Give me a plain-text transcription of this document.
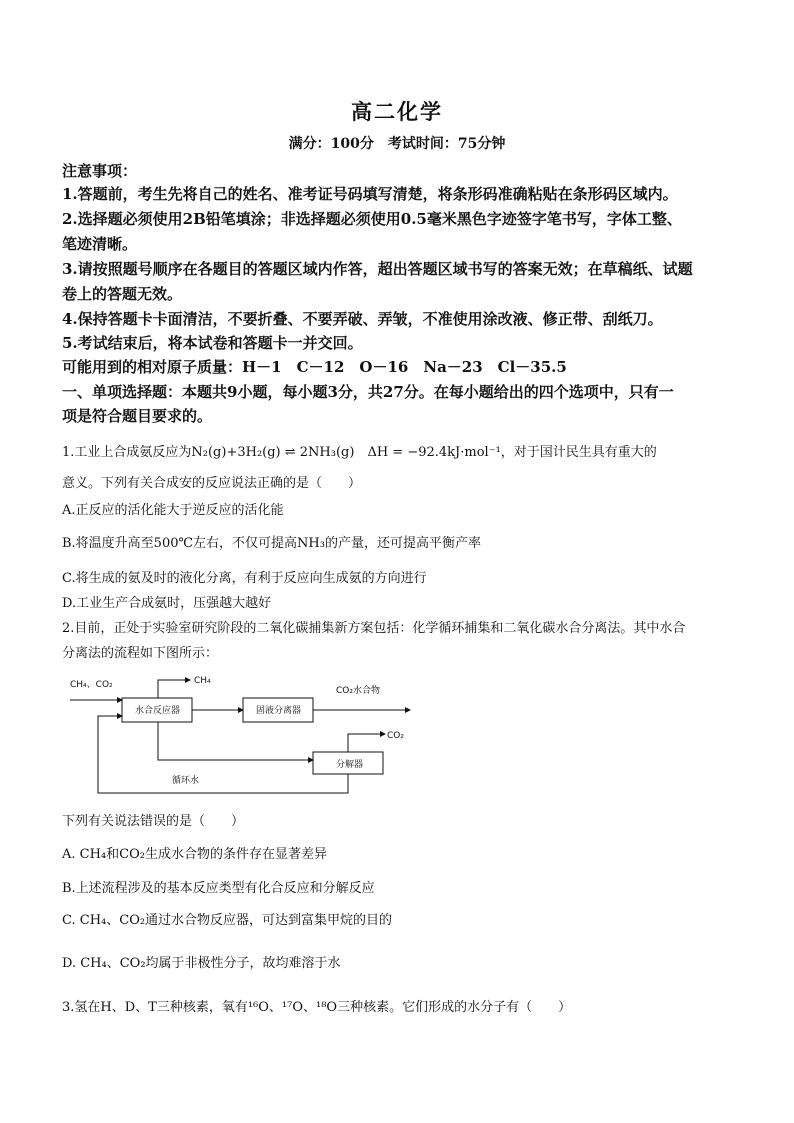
高二化学
满分：100分　考试时间：75分钟
注意事项：
1.答题前，考生先将自己的姓名、准考证号码填写清楚，将条形码准确粘贴在条形码区域内。
2.选择题必须使用2B铅笔填涂；非选择题必须使用0.5毫米黑色字迹签字笔书写，字体工整、
笔迹清晰。
3.请按照题号顺序在各题目的答题区域内作答，超出答题区域书写的答案无效；在草稿纸、试题
卷上的答题无效。
4.保持答题卡卡面清洁，不要折叠、不要弄破、弄皱，不准使用涂改液、修正带、刮纸刀。
5.考试结束后，将本试卷和答题卡一并交回。
可能用到的相对原子质量：H－1　C－12　O－16　Na－23　Cl－35.5
一、单项选择题：本题共9小题，每小题3分，共27分。在每小题给出的四个选项中，只有一
项是符合题目要求的。
1.工业上合成氨反应为N₂(g)+3H₂(g) ⇌ 2NH₃(g)　ΔH = −92.4kJ·mol⁻¹，对于国计民生具有重大的
意义。下列有关合成安的反应说法正确的是（　　）
A.正反应的活化能大于逆反应的活化能
B.将温度升高至500℃左右，不仅可提高NH₃的产量，还可提高平衡产率
C.将生成的氨及时的液化分离，有利于反应向生成氨的方向进行
D.工业生产合成氨时，压强越大越好
2.目前，正处于实验室研究阶段的二氧化碳捕集新方案包括：化学循环捕集和二氧化碳水合分离法。其中水合
分离法的流程如下图所示：
CH₄、CO₂	CH₄
水合反应器	固液分离器
CO₂水合物
CO₂
分解器
循环水
下列有关说法错误的是（　　）
A. CH₄和CO₂生成水合物的条件存在显著差异
B.上述流程涉及的基本反应类型有化合反应和分解反应
C. CH₄、CO₂通过水合物反应器，可达到富集甲烷的目的
D. CH₄、CO₂均属于非极性分子，故均难溶于水
3.氢在H、D、T三种核素，氧有¹⁶O、¹⁷O、¹⁸O三种核素。它们形成的水分子有（　　）
